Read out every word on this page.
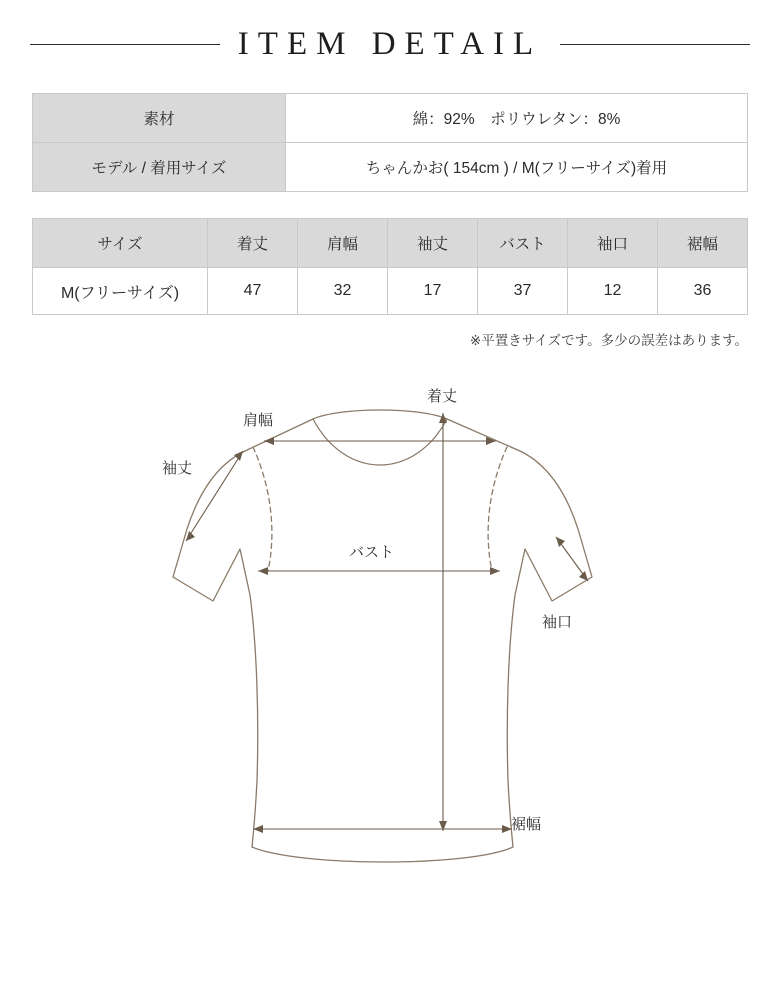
ITEM DETAIL
素材	綿：92%　ポリウレタン：8%
モデル / 着用サイズ	ちゃんかお( 154cm ) / M(フリーサイズ)着用
サイズ	着丈	肩幅	袖丈	バスト	袖口	裾幅
M(フリーサイズ)	47	32	17	37	12	36
※平置きサイズです。多少の誤差はあります。
肩幅
着丈
袖丈
バスト
袖口
裾幅
